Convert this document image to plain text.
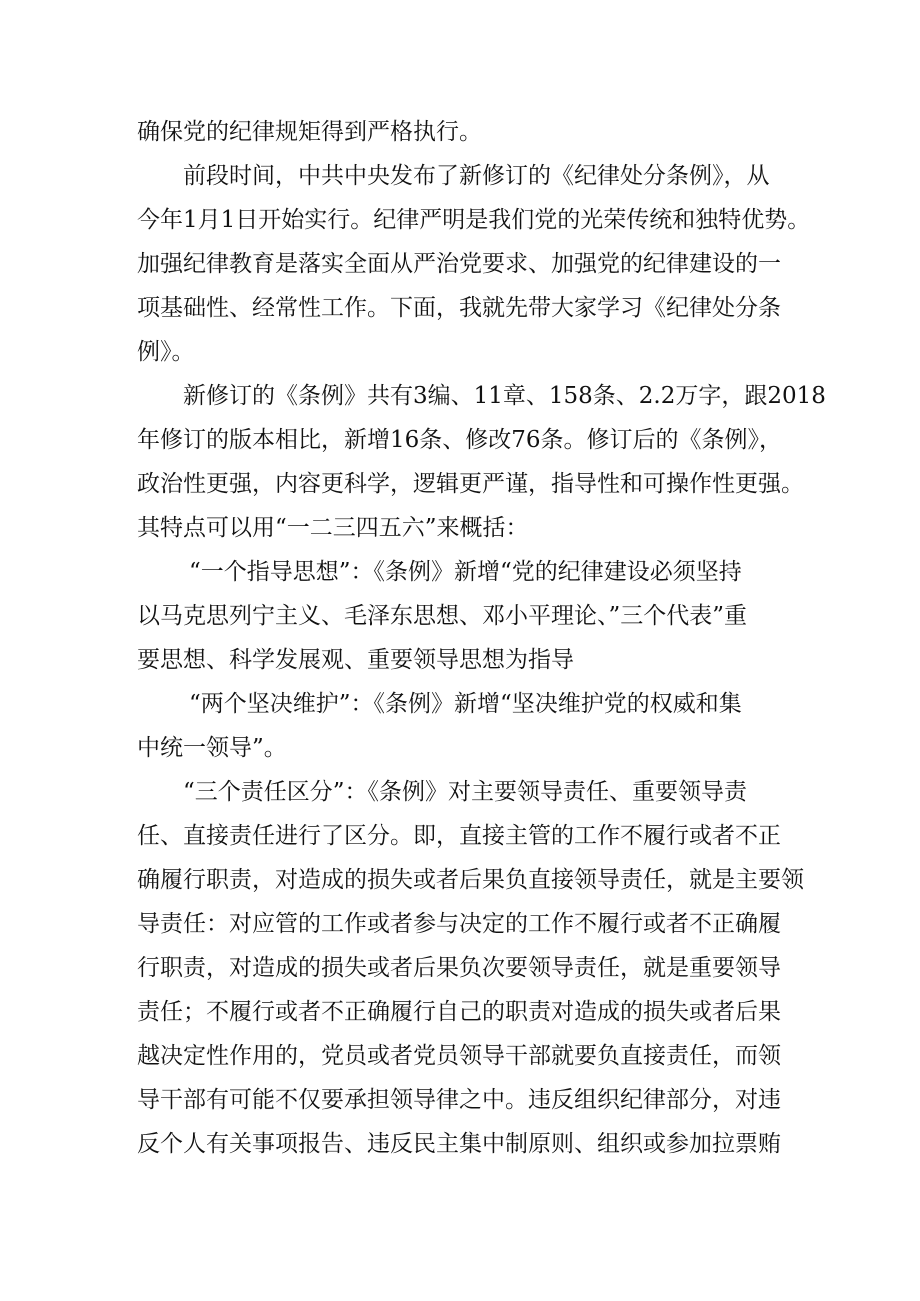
确保党的纪律规矩得到严格执行。
前段时间，中共中央发布了新修订的《纪律处分条例》，从
今年1月1日开始实行。纪律严明是我们党的光荣传统和独特优势。
加强纪律教育是落实全面从严治党要求、加强党的纪律建设的一
项基础性、经常性工作。下面，我就先带大家学习《纪律处分条
例》。
新修订的《条例》共有3编、11章、158条、2.2万字，跟2018
年修订的版本相比，新增16条、修改76条。修订后的《条例》，
政治性更强，内容更科学，逻辑更严谨，指导性和可操作性更强。
其特点可以用“一二三四五六”来概括：
“一个指导思想”：《条例》新增“党的纪律建设必须坚持
以马克思列宁主义、毛泽东思想、邓小平理论、”三个代表”重
要思想、科学发展观、重要领导思想为指导
“两个坚决维护”：《条例》新增“坚决维护党的权威和集
中统一领导”。
“三个责任区分”：《条例》对主要领导责任、重要领导责
任、直接责任进行了区分。即，直接主管的工作不履行或者不正
确履行职责，对造成的损失或者后果负直接领导责任，就是主要领
导责任：对应管的工作或者参与决定的工作不履行或者不正确履
行职责，对造成的损失或者后果负次要领导责任，就是重要领导
责任；不履行或者不正确履行自己的职责对造成的损失或者后果
越决定性作用的，党员或者党员领导干部就要负直接责任，而领
导干部有可能不仅要承担领导律之中。违反组织纪律部分，对违
反个人有关事项报告、违反民主集中制原则、组织或参加拉票贿
